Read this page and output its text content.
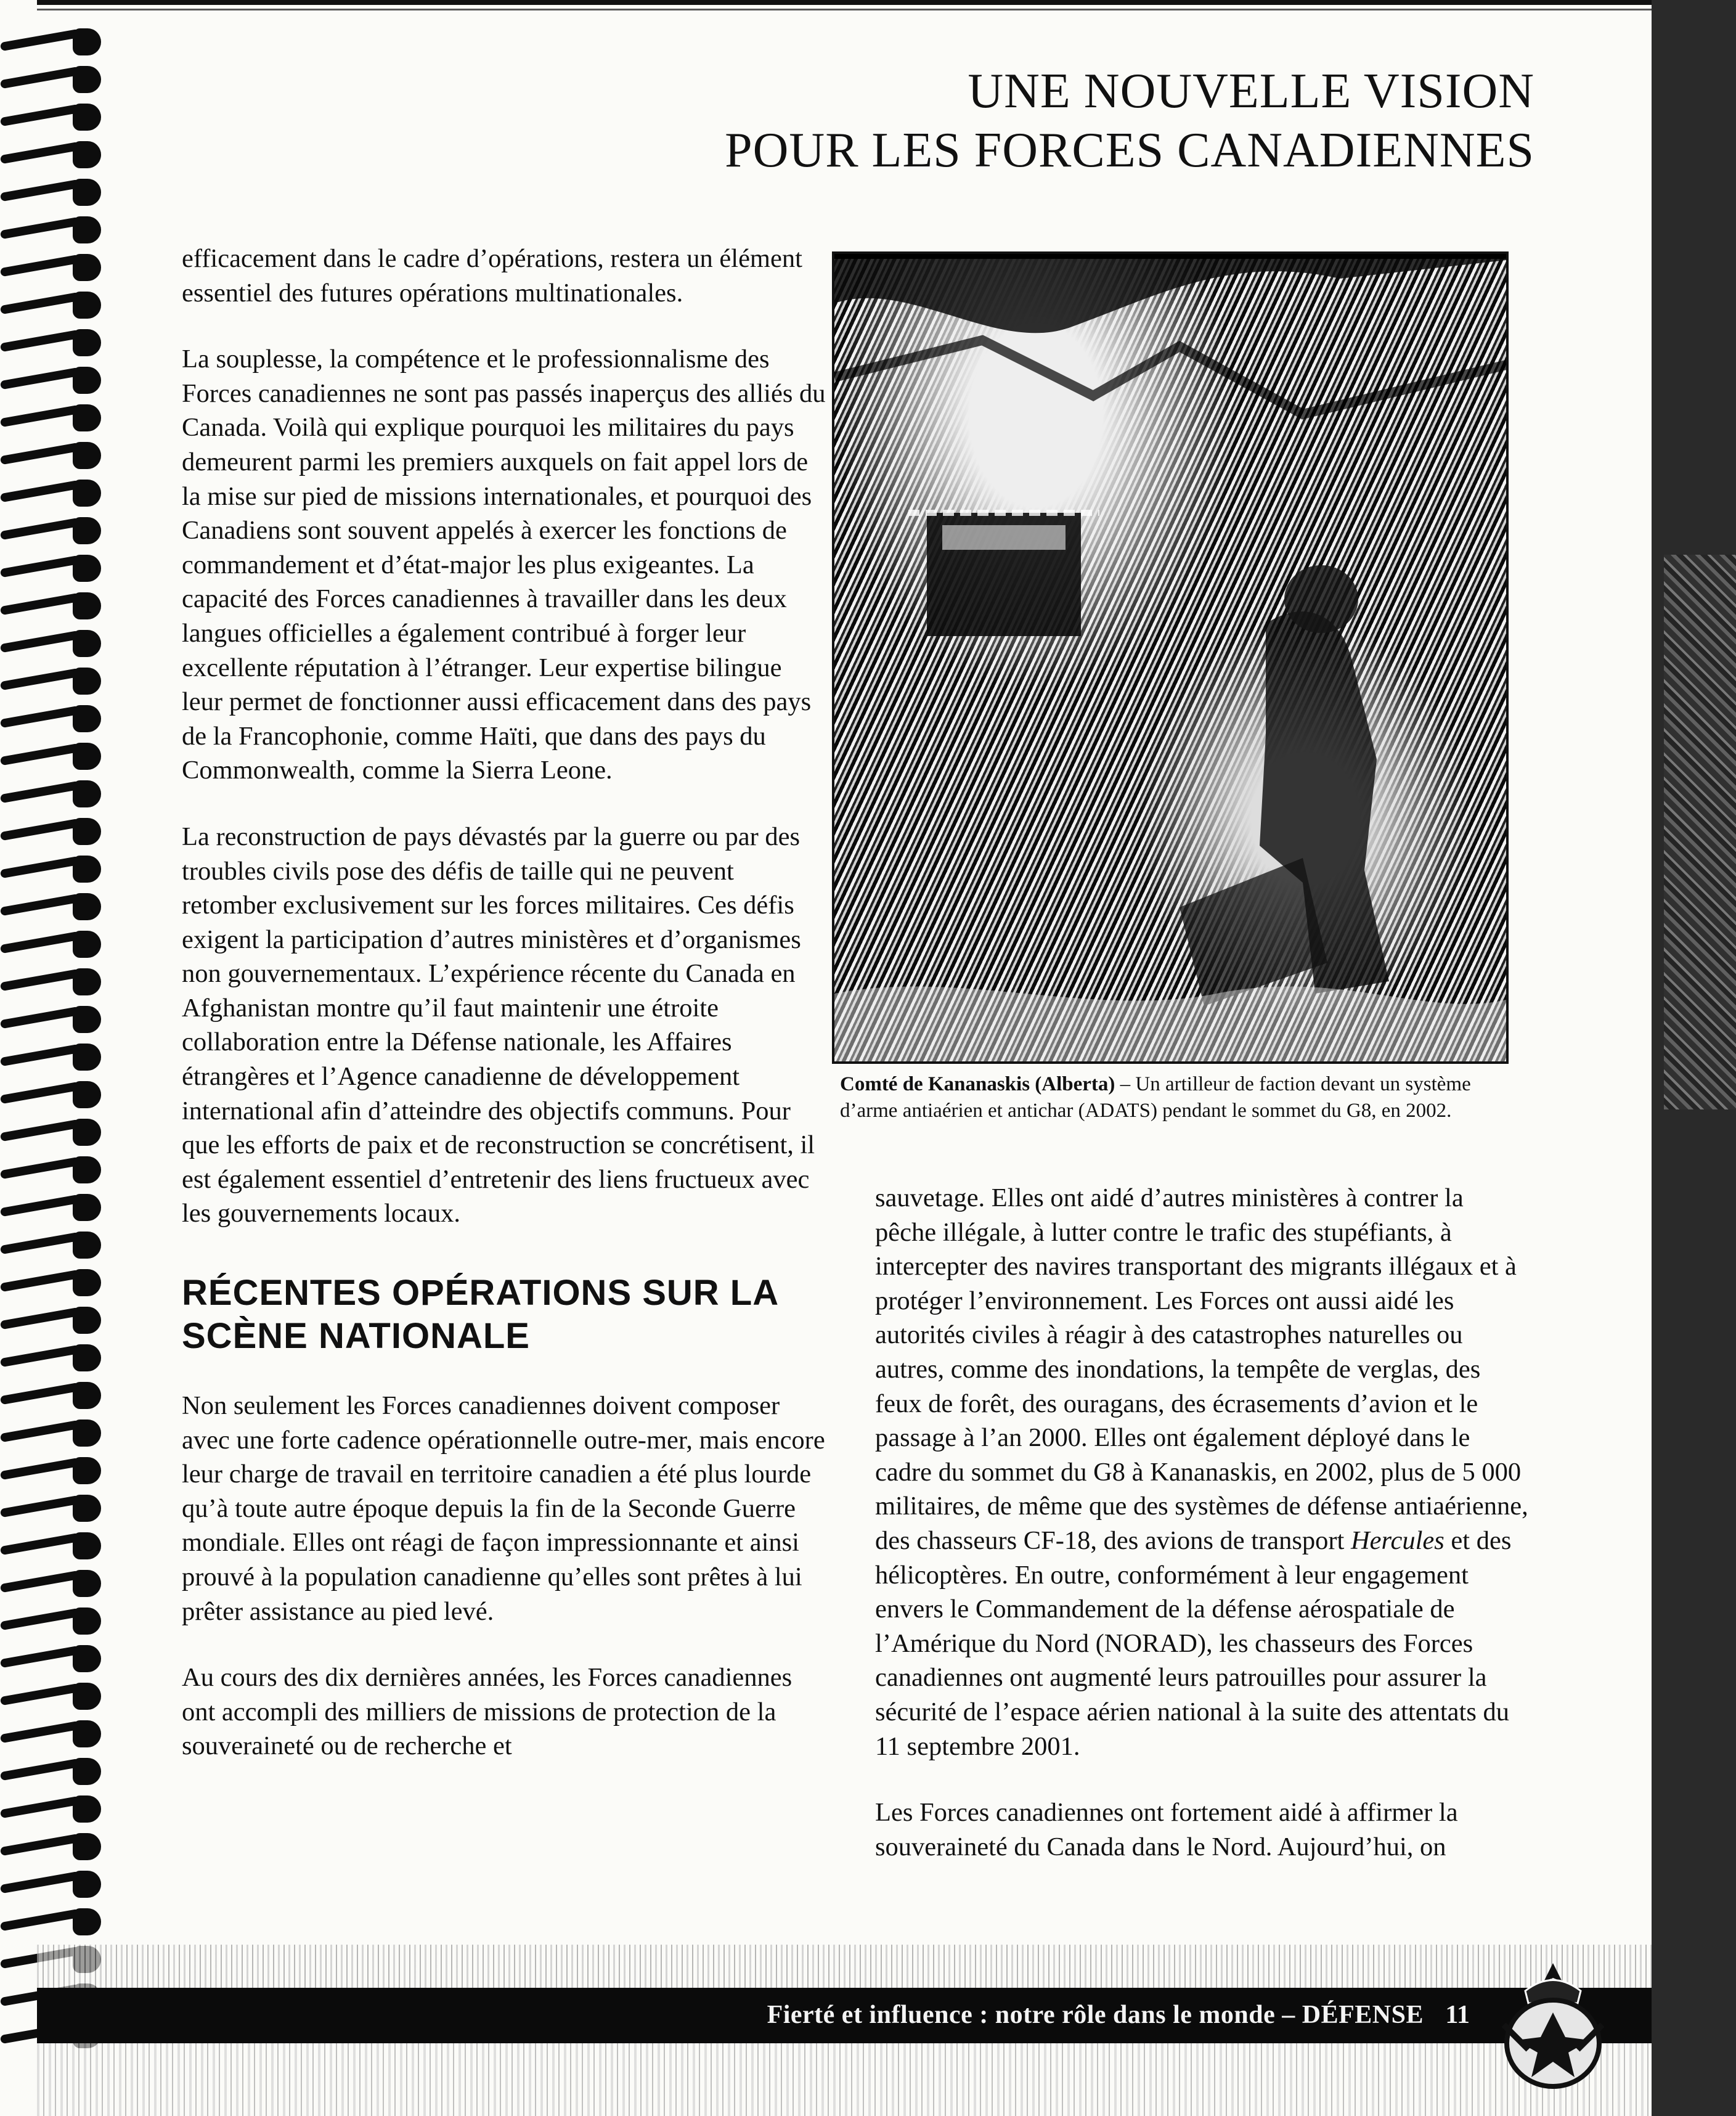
UNE NOUVELLE VISION
POUR LES FORCES CANADIENNES

efficacement dans le cadre d’opérations, restera un élément essentiel des futures opérations multinationales.

La souplesse, la compétence et le professionnalisme des Forces canadiennes ne sont pas passés inaperçus des alliés du Canada. Voilà qui explique pourquoi les militaires du pays demeurent parmi les premiers auxquels on fait appel lors de la mise sur pied de missions internationales, et pourquoi des Canadiens sont souvent appelés à exercer les fonctions de commandement et d’état-major les plus exigeantes. La capacité des Forces canadiennes à travailler dans les deux langues officielles a également contribué à forger leur excellente réputation à l’étranger. Leur expertise bilingue leur permet de fonctionner aussi efficacement dans des pays de la Francophonie, comme Haïti, que dans des pays du Commonwealth, comme la Sierra Leone.

La reconstruction de pays dévastés par la guerre ou par des troubles civils pose des défis de taille qui ne peuvent retomber exclusivement sur les forces militaires. Ces défis exigent la participation d’autres ministères et d’organismes non gouvernementaux. L’expérience récente du Canada en Afghanistan montre qu’il faut maintenir une étroite collaboration entre la Défense nationale, les Affaires étrangères et l’Agence canadienne de développement international afin d’atteindre des objectifs communs. Pour que les efforts de paix et de reconstruction se concrétisent, il est également essentiel d’entretenir des liens fructueux avec les gouvernements locaux.

RÉCENTES OPÉRATIONS SUR LA SCÈNE NATIONALE

Non seulement les Forces canadiennes doivent composer avec une forte cadence opérationnelle outre-mer, mais encore leur charge de travail en territoire canadien a été plus lourde qu’à toute autre époque depuis la fin de la Seconde Guerre mondiale. Elles ont réagi de façon impressionnante et ainsi prouvé à la population canadienne qu’elles sont prêtes à lui prêter assistance au pied levé.

Au cours des dix dernières années, les Forces canadiennes ont accompli des milliers de missions de protection de la souveraineté ou de recherche et

Comté de Kananaskis (Alberta) – Un artilleur de faction devant un système d’arme antiaérien et antichar (ADATS) pendant le sommet du G8, en 2002.

sauvetage. Elles ont aidé d’autres ministères à contrer la pêche illégale, à lutter contre le trafic des stupéfiants, à intercepter des navires transportant des migrants illégaux et à protéger l’environnement. Les Forces ont aussi aidé les autorités civiles à réagir à des catastrophes naturelles ou autres, comme des inondations, la tempête de verglas, des feux de forêt, des ouragans, des écrasements d’avion et le passage à l’an 2000. Elles ont également déployé dans le cadre du sommet du G8 à Kananaskis, en 2002, plus de 5 000 militaires, de même que des systèmes de défense antiaérienne, des chasseurs CF-18, des avions de transport Hercules et des hélicoptères. En outre, conformément à leur engagement envers le Commandement de la défense aérospatiale de l’Amérique du Nord (NORAD), les chasseurs des Forces canadiennes ont augmenté leurs patrouilles pour assurer la sécurité de l’espace aérien national à la suite des attentats du 11 septembre 2001.

Les Forces canadiennes ont fortement aidé à affirmer la souveraineté du Canada dans le Nord. Aujourd’hui, on

Fierté et influence : notre rôle dans le monde – DÉFENSE 11
